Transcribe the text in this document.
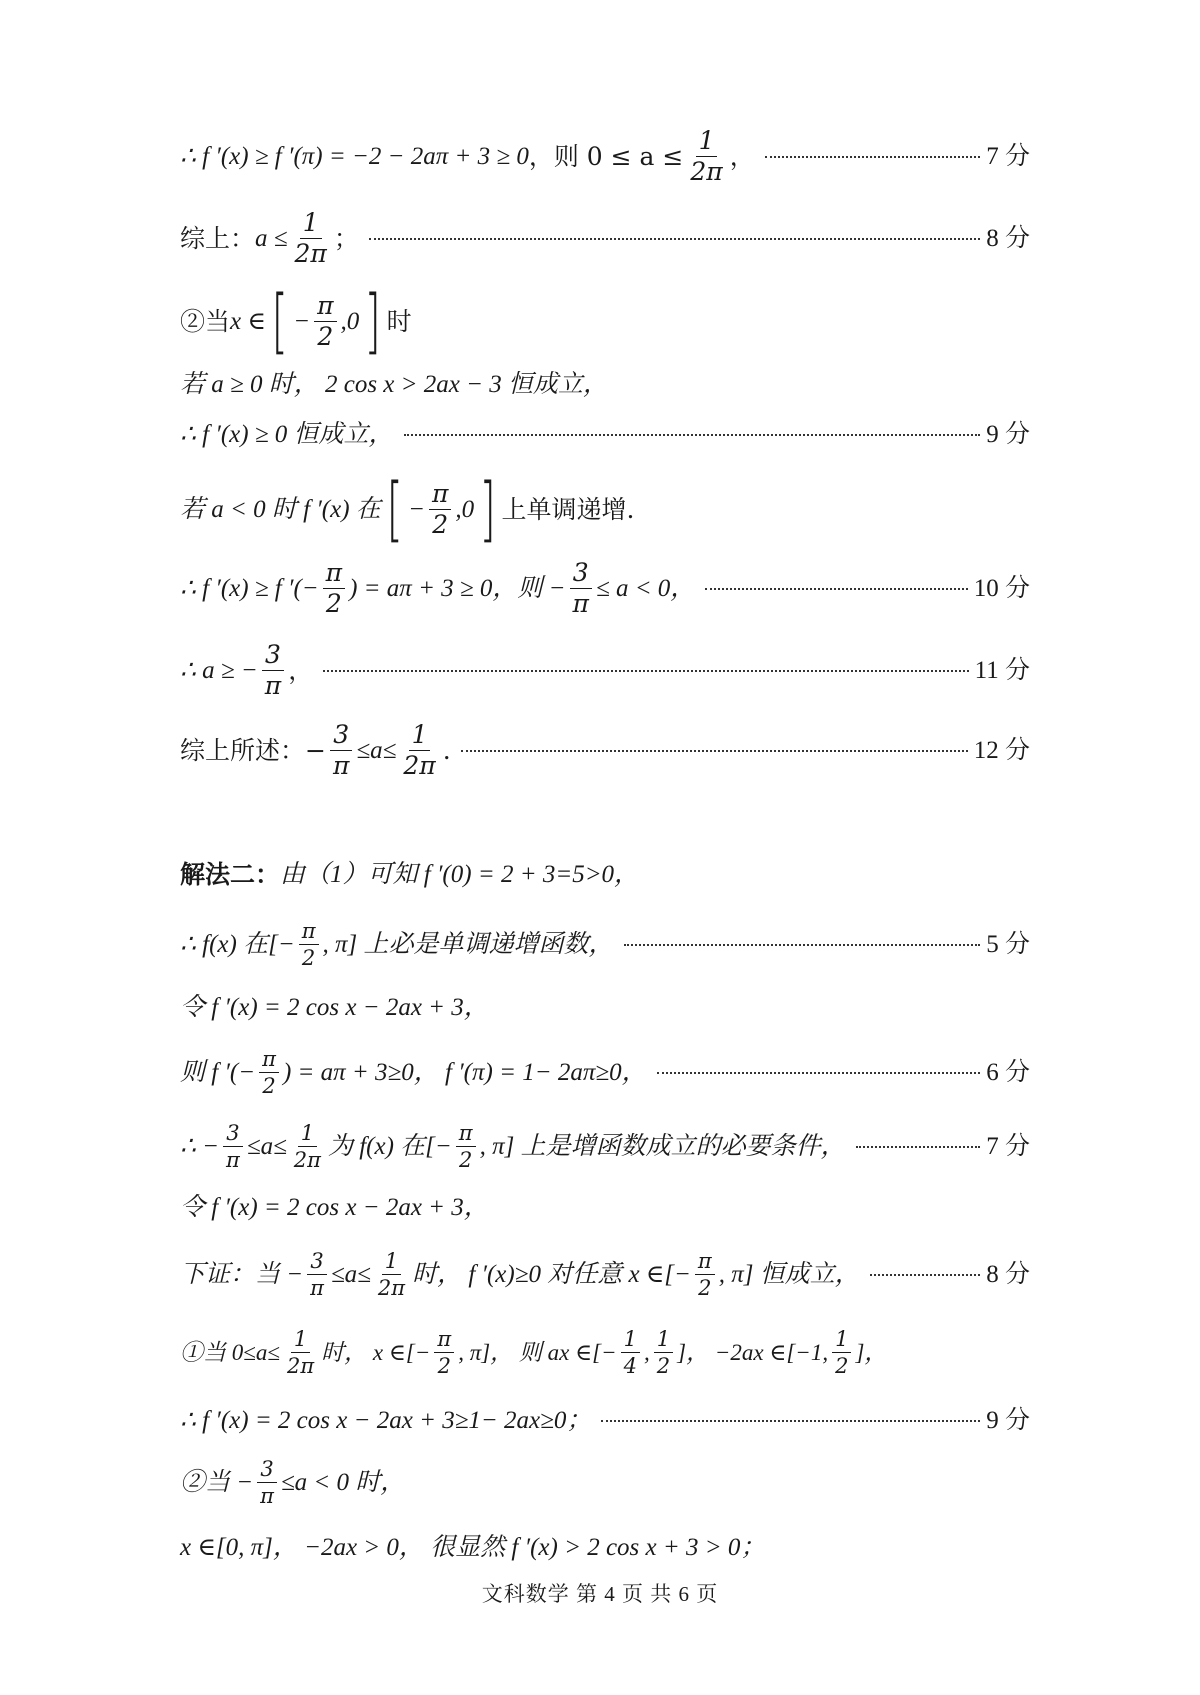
∴ f ′(x) ≥ f ′(π) = −2 − 2aπ + 3 ≥ 0 ，则 $0 \le a \le \frac{1}{2\pi}$ ，	7 分
综上： $a \le \frac{1}{2\pi}$ ；	8 分
②当 x ∈ [ − $\frac{\pi}{2} ,0$ ] 时
若 a ≥ 0 时， 2 cos x > 2ax − 3 恒成立，
∴ f ′(x) ≥ 0 恒成立，	9 分
若 a < 0 时 f ′(x) 在 [ − $\frac{\pi}{2} ,0$ ] 上单调递增.
∴ f ′(x) ≥ f ′(− $\frac{\pi}{2}$ ) = aπ + 3 ≥ 0，则 − $\frac{3}{\pi} \le a < 0$，	10 分
∴ a ≥ − $\frac{3}{\pi}$ ，	11 分
综上所述：− $\frac{3}{\pi} \le a\le \frac{1}{2\pi}$ .	12 分
解法二： 由（1）可知 f ′(0) = 2 + 3=5>0，
∴ f(x) 在[− $\frac{\pi}{2}$ , π] 上必是单调递增函数，	5 分
令 f ′(x) = 2 cos x − 2ax + 3，
则 f ′(− $\frac{\pi}{2}$ ) = aπ + 3≥0， f ′(π) = 1− 2aπ≥0，	6 分
∴ − $\frac{3}{\pi} \le a\le \frac{1}{2\pi}$ 为 f(x) 在[− $\frac{\pi}{2}$ , π] 上是增函数成立的必要条件，	7 分
令 f ′(x) = 2 cos x − 2ax + 3，
下证：当 − $\frac{3}{\pi} \le a\le \frac{1}{2\pi}$ 时， f ′(x)≥0 对任意 x ∈[− $\frac{\pi}{2}$ , π] 恒成立，	8 分
①当 $0\le a\le \frac{1}{2\pi}$ 时， x ∈[− $\frac{\pi}{2}$ , π]， 则 ax ∈[− $\frac{1}{4}$ , $\frac{1}{2}$ ]， −2ax ∈[−1, $\frac{1}{2}$ ]，
∴ f ′(x) = 2 cos x − 2ax + 3≥1− 2ax≥0；	9 分
②当 − $\frac{3}{\pi} \le a < 0$ 时，
x ∈[0, π]， −2ax > 0， 很显然 f ′(x) > 2 cos x + 3 > 0；
文科数学 第 4 页 共 6 页
